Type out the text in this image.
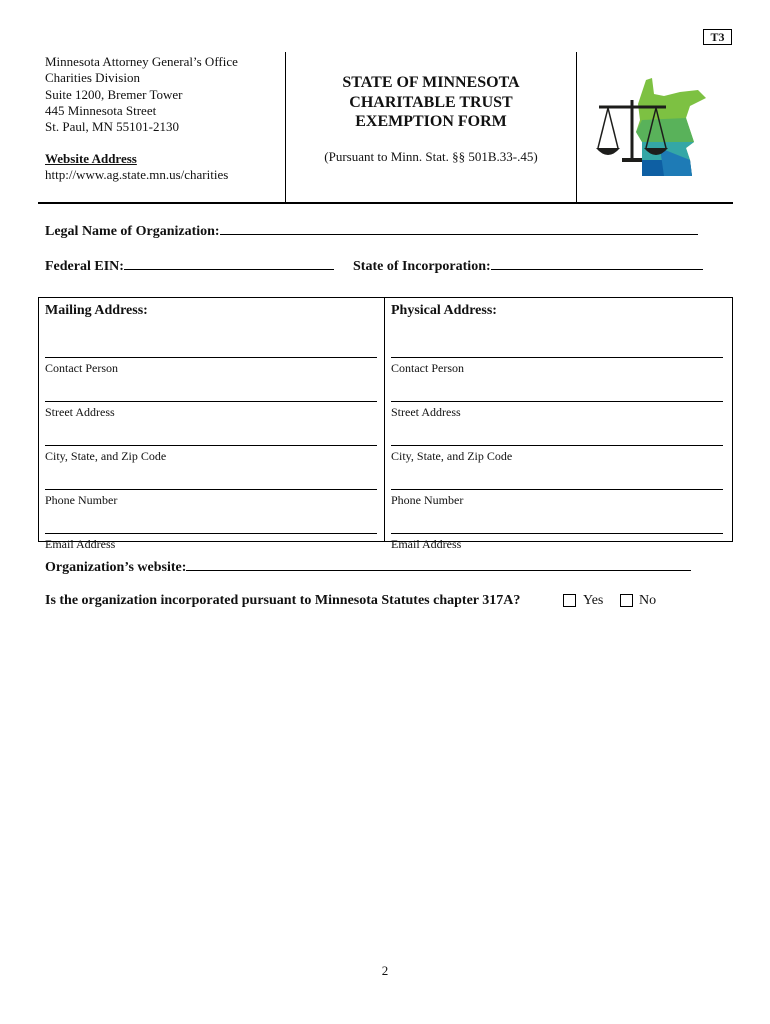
T3
Minnesota Attorney General’s Office
Charities Division
Suite 1200, Bremer Tower
445 Minnesota Street
St. Paul, MN 55101-2130
Website Address
http://www.ag.state.mn.us/charities
STATE OF MINNESOTA
CHARITABLE TRUST
EXEMPTION FORM
(Pursuant to Minn. Stat. §§ 501B.33-.45)
Legal Name of Organization:
Federal EIN:	State of Incorporation:
Mailing Address:
Contact Person
Street Address
City, State, and Zip Code
Phone Number
Email Address
Physical Address:
Contact Person
Street Address
City, State, and Zip Code
Phone Number
Email Address
Organization’s website:
Is the organization incorporated pursuant to Minnesota Statutes chapter 317A?	Yes	No
2
